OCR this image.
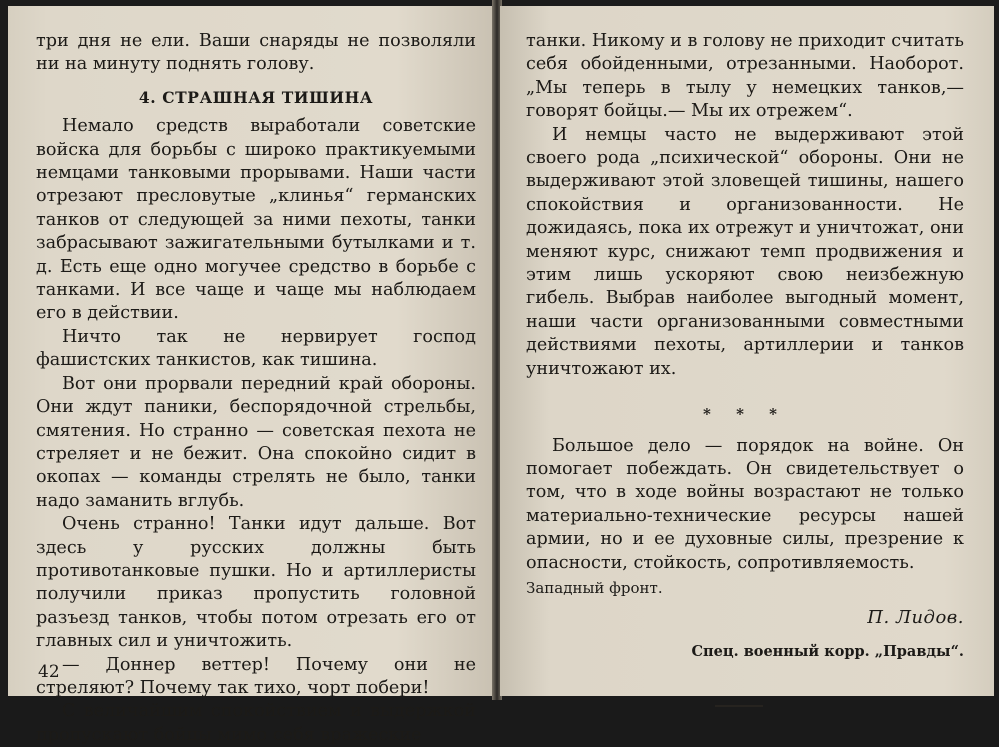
три дня не ели. Ваши снаряды не позволяли ни на минуту поднять голову.

4. СТРАШНАЯ ТИШИНА

Немало средств выработали советские войска для борьбы с широко практикуемыми немцами танковыми прорывами. Наши части отрезают пресловутые „клинья“ германских танков от следующей за ними пехоты, танки забрасывают зажигательными бутылками и т. д. Есть еще одно могучее средство в борьбе с танками. И все чаще и чаще мы наблюдаем его в действии.

Ничто так не нервирует господ фашистских танкистов, как тишина.

Вот они прорвали передний край обороны. Они ждут паники, беспорядочной стрельбы, смятения. Но странно — советская пехота не стреляет и не бежит. Она спокойно сидит в окопах — команды стрелять не было, танки надо заманить вглубь.

Очень странно! Танки идут дальше. Вот здесь у русских должны быть противотанковые пушки. Но и артиллеристы получили приказ пропустить головной разъезд танков, чтобы потом отрезать его от главных сил и уничтожить.

— Доннер веттер! Почему они не стреляют? Почему так тихо, чорт побери!

С величайшим спокойствием и выдержкой пропускают бойцы мимо себя вражеские

42

танки. Никому и в голову не приходит считать себя обойденными, отрезанными. Наоборот. „Мы теперь в тылу у немецких танков,— говорят бойцы.— Мы их отрежем“.

И немцы часто не выдерживают этой своего рода „психической“ обороны. Они не выдерживают этой зловещей тишины, нашего спокойствия и организованности. Не дожидаясь, пока их отрежут и уничтожат, они меняют курс, снижают темп продвижения и этим лишь ускоряют свою неизбежную гибель. Выбрав наиболее выгодный момент, наши части организованными совместными действиями пехоты, артиллерии и танков уничтожают их.

* * *

Большое дело — порядок на войне. Он помогает побеждать. Он свидетельствует о том, что в ходе войны возрастают не только материально-технические ресурсы нашей армии, но и ее духовные силы, презрение к опасности, стойкость, сопротивляемость.

Западный фронт.
П. Лидов.
Спец. военный корр. „Правды“.
